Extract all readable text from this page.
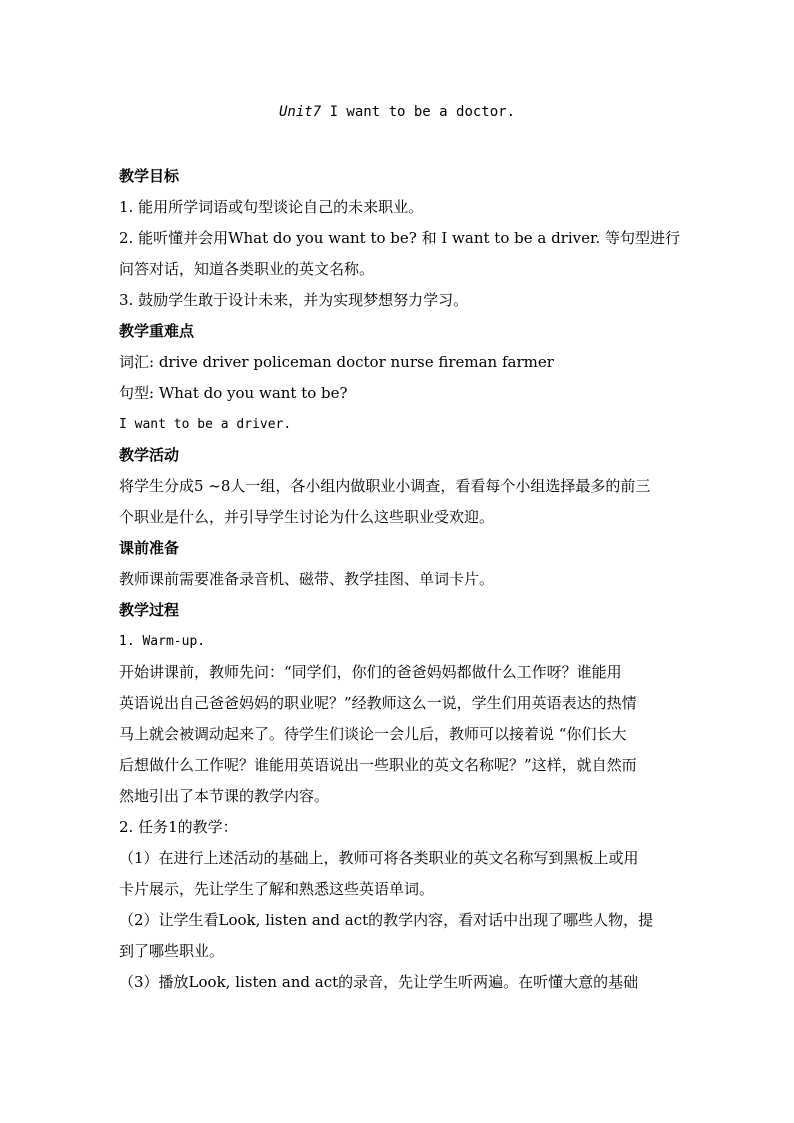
Unit7 I want to be a doctor.

教学目标

1. 能用所学词语或句型谈论自己的未来职业。

2. 能听懂并会用What do you want to be? 和 I want to be a driver. 等句型进行

问答对话，知道各类职业的英文名称。

3. 鼓励学生敢于设计未来，并为实现梦想努力学习。

教学重难点

词汇: drive driver policeman doctor nurse fireman farmer

句型: What do you want to be?

I want to be a driver.

教学活动

将学生分成5 ~8人一组，各小组内做职业小调查，看看每个小组选择最多的前三

个职业是什么，并引导学生讨论为什么这些职业受欢迎。

课前准备

教师课前需要准备录音机、磁带、教学挂图、单词卡片。

教学过程

1. Warm-up.

开始讲课前，教师先问：“同学们，你们的爸爸妈妈都做什么工作呀？谁能用

英语说出自己爸爸妈妈的职业呢？”经教师这么一说，学生们用英语表达的热情

马上就会被调动起来了。待学生们谈论一会儿后，教师可以接着说 “你们长大

后想做什么工作呢？谁能用英语说出一些职业的英文名称呢？”这样，就自然而

然地引出了本节课的教学内容。

2. 任务1的教学：

（1）在进行上述活动的基础上，教师可将各类职业的英文名称写到黑板上或用

卡片展示，先让学生了解和熟悉这些英语单词。

（2）让学生看Look, listen and act的教学内容，看对话中出现了哪些人物，提

到了哪些职业。

（3）播放Look, listen and act的录音，先让学生听两遍。在听懂大意的基础
